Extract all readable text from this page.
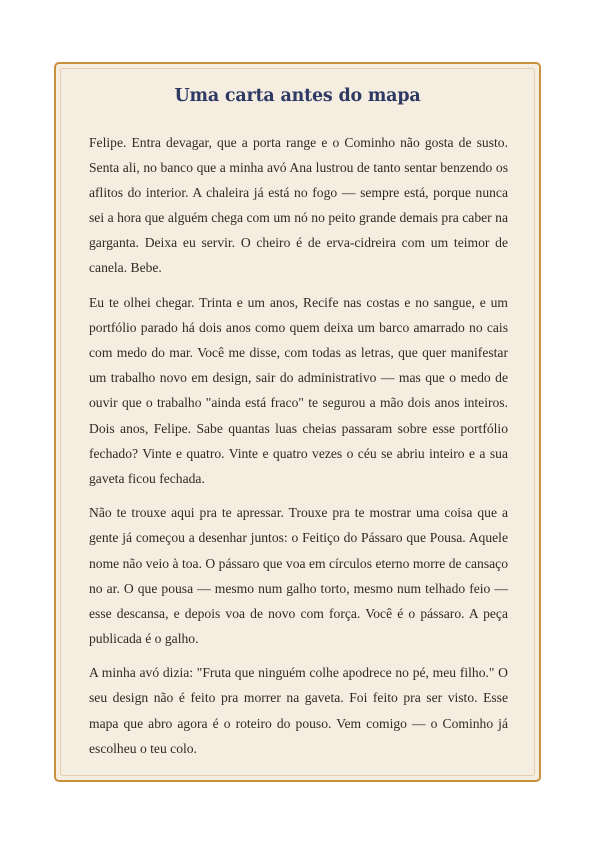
Uma carta antes do mapa

Felipe. Entra devagar, que a porta range e o Cominho não gosta de susto. Senta ali, no banco que a minha avó Ana lustrou de tanto sentar benzendo os aflitos do interior. A chaleira já está no fogo — sempre está, porque nunca sei a hora que alguém chega com um nó no peito grande demais pra caber na garganta. Deixa eu servir. O cheiro é de erva-cidreira com um teimor de canela. Bebe.

Eu te olhei chegar. Trinta e um anos, Recife nas costas e no sangue, e um portfólio parado há dois anos como quem deixa um barco amarrado no cais com medo do mar. Você me disse, com todas as letras, que quer manifestar um trabalho novo em design, sair do administrativo — mas que o medo de ouvir que o trabalho "ainda está fraco" te segurou a mão dois anos inteiros. Dois anos, Felipe. Sabe quantas luas cheias passaram sobre esse portfólio fechado? Vinte e quatro. Vinte e quatro vezes o céu se abriu inteiro e a sua gaveta ficou fechada.

Não te trouxe aqui pra te apressar. Trouxe pra te mostrar uma coisa que a gente já começou a desenhar juntos: o Feitiço do Pássaro que Pousa. Aquele nome não veio à toa. O pássaro que voa em círculos eterno morre de cansaço no ar. O que pousa — mesmo num galho torto, mesmo num telhado feio — esse descansa, e depois voa de novo com força. Você é o pássaro. A peça publicada é o galho.

A minha avó dizia: "Fruta que ninguém colhe apodrece no pé, meu filho." O seu design não é feito pra morrer na gaveta. Foi feito pra ser visto. Esse mapa que abro agora é o roteiro do pouso. Vem comigo — o Cominho já escolheu o teu colo.
